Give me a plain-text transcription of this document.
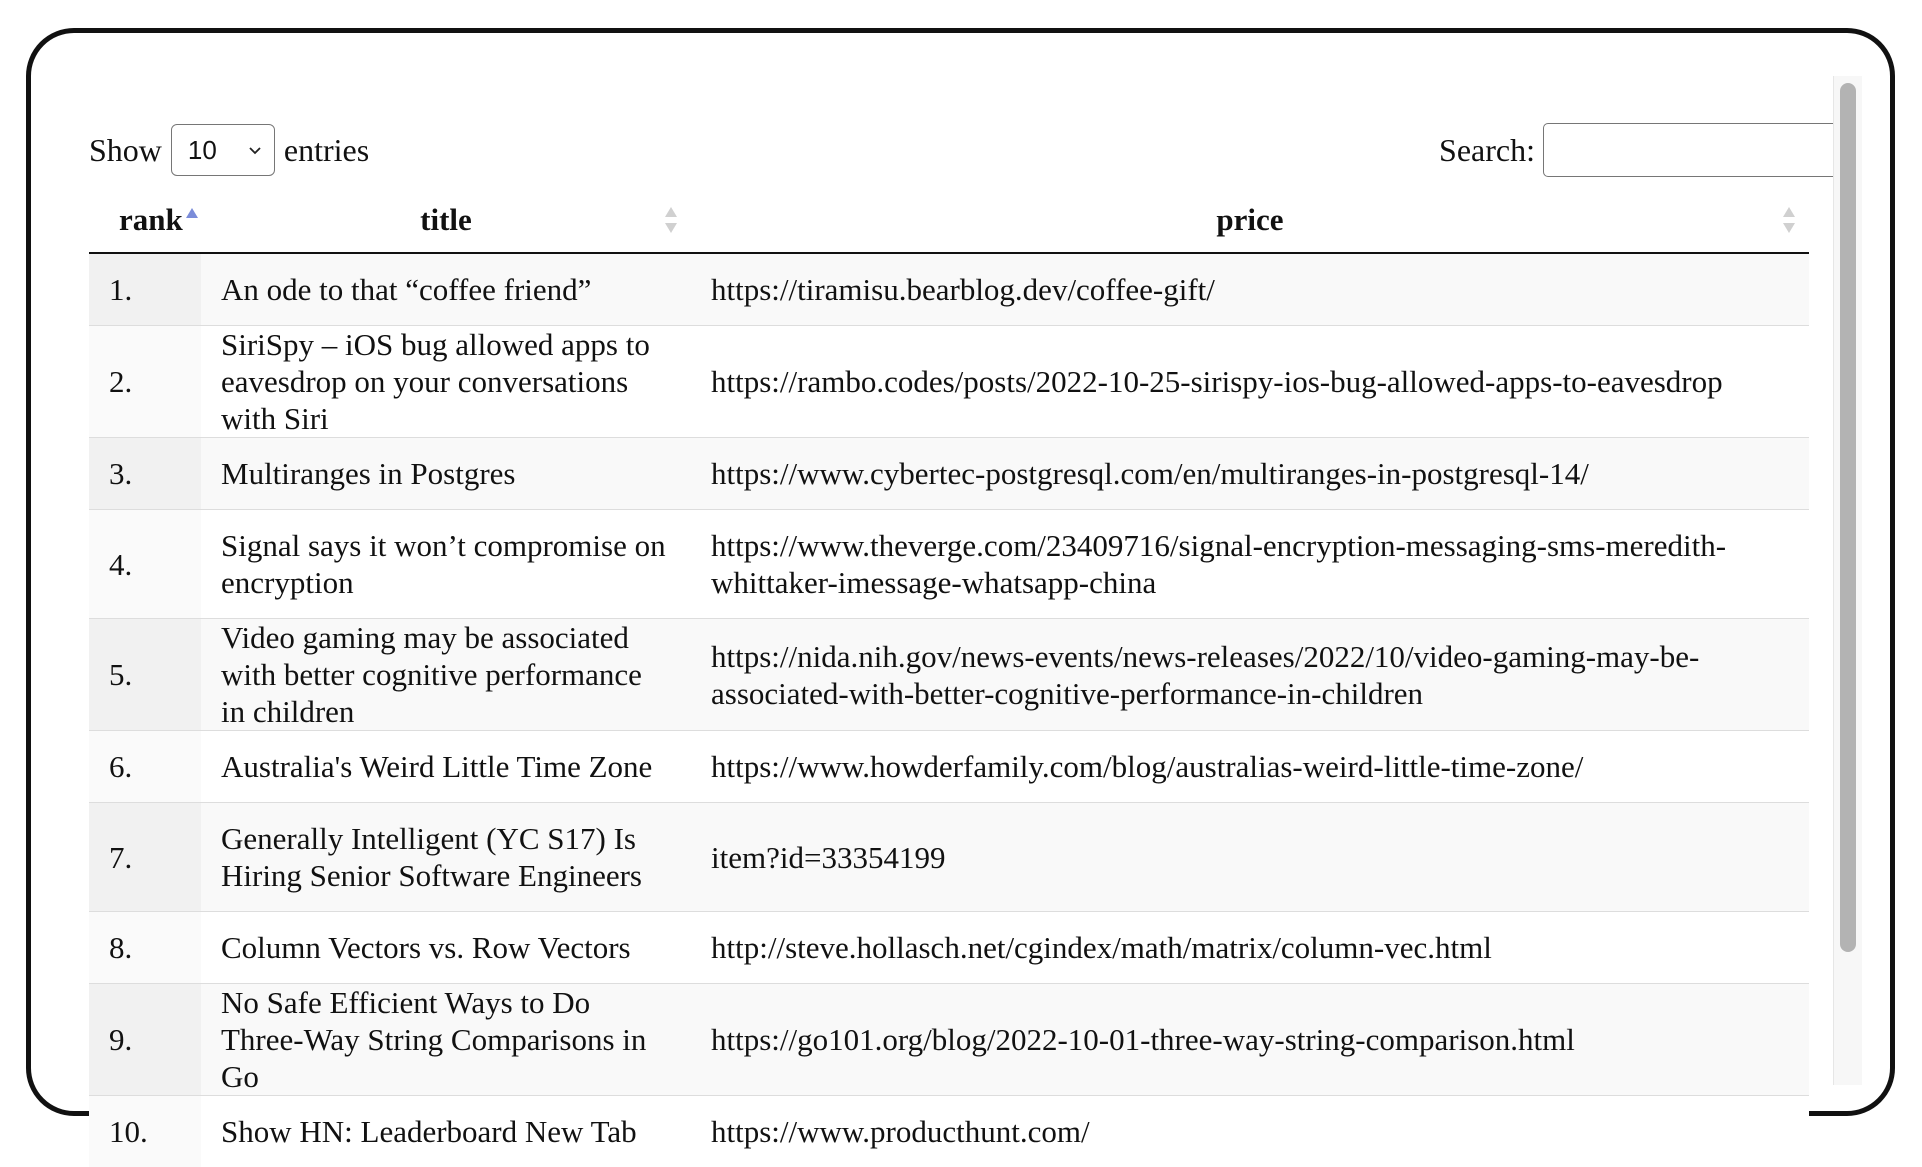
Show 10 entries	Search:
rank	title	price

1.	An ode to that “coffee friend”	https://tiramisu.bearblog.dev/coffee-gift/
2.	SiriSpy – iOS bug allowed apps to eavesdrop on your conversations with Siri	https://rambo.codes/posts/2022-10-25-sirispy-ios-bug-allowed-apps-to-eavesdrop
3.	Multiranges in Postgres	https://www.cybertec-postgresql.com/en/multiranges-in-postgresql-14/
4.	Signal says it won’t compromise on encryption	https://www.theverge.com/23409716/signal-encryption-messaging-sms-meredith-whittaker-imessage-whatsapp-china
5.	Video gaming may be associated with better cognitive performance in children	https://nida.nih.gov/news-events/news-releases/2022/10/video-gaming-may-be-associated-with-better-cognitive-performance-in-children
6.	Australia's Weird Little Time Zone	https://www.howderfamily.com/blog/australias-weird-little-time-zone/
7.	Generally Intelligent (YC S17) Is Hiring Senior Software Engineers	item?id=33354199
8.	Column Vectors vs. Row Vectors	http://steve.hollasch.net/cgindex/math/matrix/column-vec.html
9.	No Safe Efficient Ways to Do Three-Way String Comparisons in Go	https://go101.org/blog/2022-10-01-three-way-string-comparison.html
10.	Show HN: Leaderboard New Tab	https://www.producthunt.com/
